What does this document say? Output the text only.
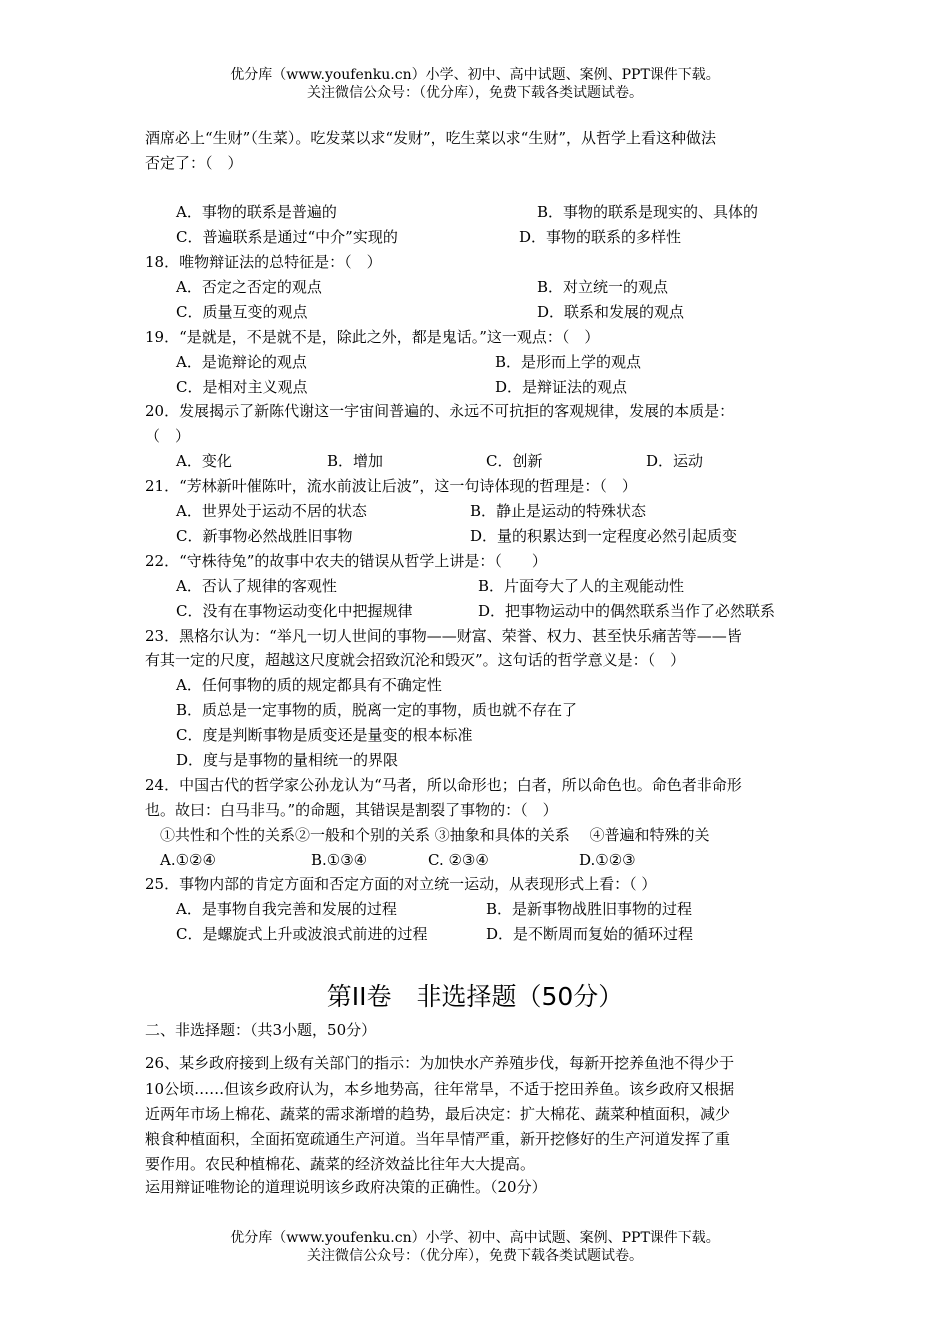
优分库（www.youfenku.cn）小学、初中、高中试题、案例、PPT课件下载。
关注微信公众号：（优分库），免费下载各类试题试卷。
酒席必上“生财”（生菜）。吃发菜以求“发财”，吃生菜以求“生财”，从哲学上看这种做法
否定了：（　）
A．事物的联系是普遍的	B．事物的联系是现实的、具体的
C．普遍联系是通过“中介”实现的	D．事物的联系的多样性
18．唯物辩证法的总特征是：（　）
A．否定之否定的观点	B．对立统一的观点
C．质量互变的观点	D．联系和发展的观点
19．“是就是，不是就不是，除此之外，都是鬼话。”这一观点：（　）
A．是诡辩论的观点	B．是形而上学的观点
C．是相对主义观点	D．是辩证法的观点
20．发展揭示了新陈代谢这一宇宙间普遍的、永远不可抗拒的客观规律，发展的本质是：
（　）
A．变化	B．增加	C．创新	D．运动
21．“芳林新叶催陈叶，流水前波让后波”，这一句诗体现的哲理是：（　）
A．世界处于运动不居的状态	B．静止是运动的特殊状态
C．新事物必然战胜旧事物	D．量的积累达到一定程度必然引起质变
22．“守株待兔”的故事中农夫的错误从哲学上讲是：（　　）
A．否认了规律的客观性	B．片面夸大了人的主观能动性
C．没有在事物运动变化中把握规律	D．把事物运动中的偶然联系当作了必然联系
23．黑格尔认为：“举凡一切人世间的事物——财富、荣誉、权力、甚至快乐痛苦等——皆
有其一定的尺度，超越这尺度就会招致沉沦和毁灭”。这句话的哲学意义是：（　）
A．任何事物的质的规定都具有不确定性
B．质总是一定事物的质，脱离一定的事物，质也就不存在了
C．度是判断事物是质变还是量变的根本标准
D．度与是事物的量相统一的界限
24．中国古代的哲学家公孙龙认为“马者，所以命形也；白者，所以命色也。命色者非命形
也。故曰：白马非马。”的命题，其错误是割裂了事物的：（　）
①共性和个性的关系②一般和个别的关系 ③抽象和具体的关系　 ④普遍和特殊的关
A.①②④	B.①③④	C. ②③④	D.①②③
25．事物内部的肯定方面和否定方面的对立统一运动，从表现形式上看：（ ）
A．是事物自我完善和发展的过程	B．是新事物战胜旧事物的过程
C．是螺旋式上升或波浪式前进的过程	D．是不断周而复始的循环过程
第II卷　非选择题（50分）
二、非选择题：（共3小题，50分）
26、某乡政府接到上级有关部门的指示：为加快水产养殖步伐，每新开挖养鱼池不得少于
10公顷……但该乡政府认为，本乡地势高，往年常旱，不适于挖田养鱼。该乡政府又根据
近两年市场上棉花、蔬菜的需求渐增的趋势，最后决定：扩大棉花、蔬菜种植面积，减少
粮食种植面积，全面拓宽疏通生产河道。当年旱情严重，新开挖修好的生产河道发挥了重
要作用。农民种植棉花、蔬菜的经济效益比往年大大提高。
运用辩证唯物论的道理说明该乡政府决策的正确性。（20分）
优分库（www.youfenku.cn）小学、初中、高中试题、案例、PPT课件下载。
关注微信公众号：（优分库），免费下载各类试题试卷。
